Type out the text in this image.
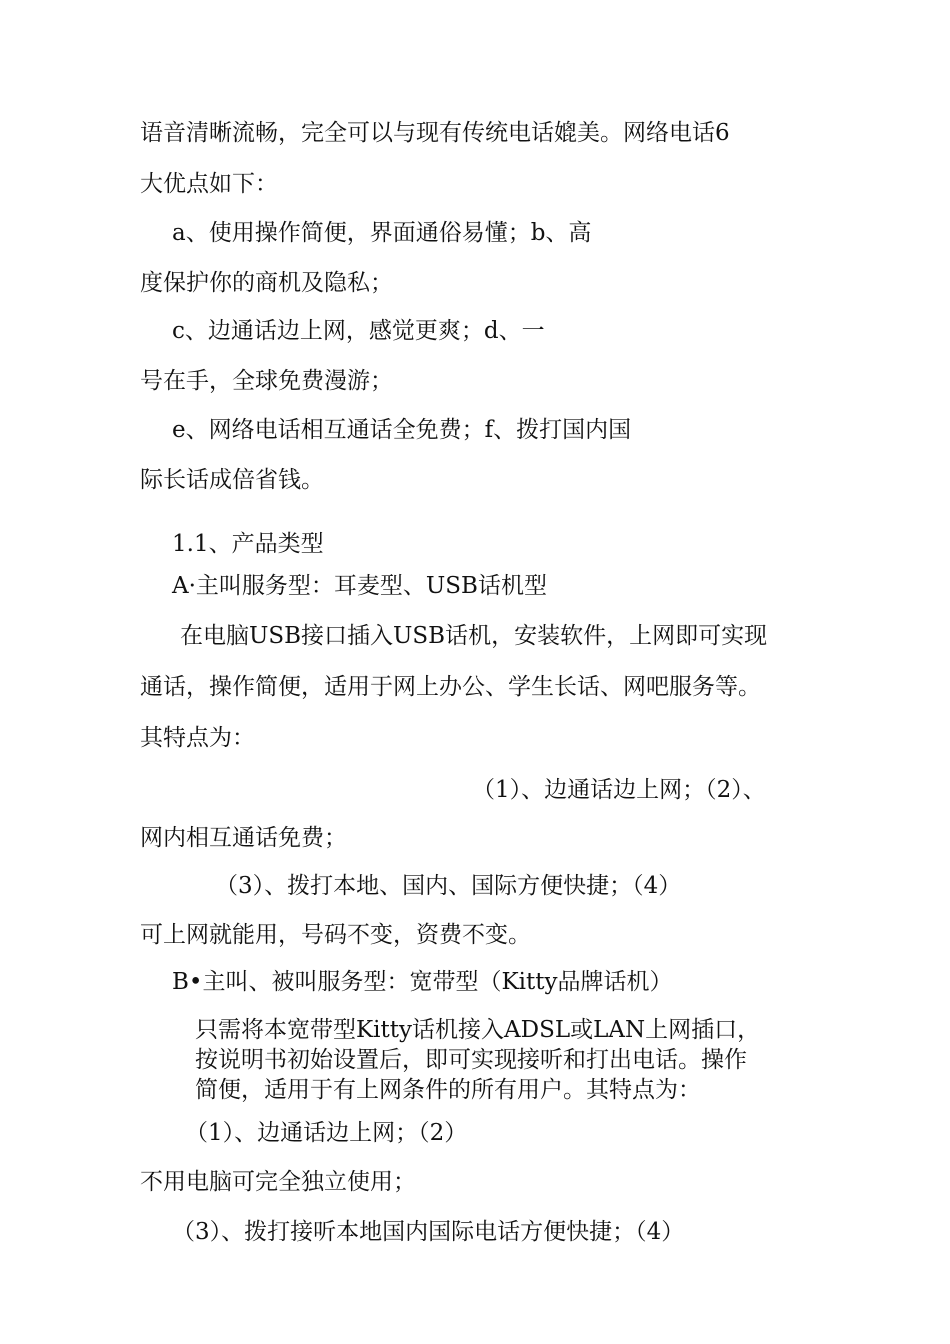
语音清晰流畅，完全可以与现有传统电话媲美。网络电话6

大优点如下：

a、使用操作简便，界面通俗易懂；b、高

度保护你的商机及隐私；

c、边通话边上网，感觉更爽；d、一

号在手，全球免费漫游；

e、网络电话相互通话全免费；f、拨打国内国

际长话成倍省钱。

1.1、产品类型

A·主叫服务型：耳麦型、USB话机型

在电脑USB接口插入USB话机，安装软件，上网即可实现

通话，操作简便，适用于网上办公、学生长话、网吧服务等。

其特点为：

（1）、边通话边上网；（2）、

网内相互通话免费；

（3）、拨打本地、国内、国际方便快捷；（4）

可上网就能用，号码不变，资费不变。

B•主叫、被叫服务型：宽带型（Kitty品牌话机）

只需将本宽带型Kitty话机接入ADSL或LAN上网插口，

按说明书初始设置后，即可实现接听和打出电话。操作

简便，适用于有上网条件的所有用户。其特点为：

（1）、边通话边上网；（2）

不用电脑可完全独立使用；

（3）、拨打接听本地国内国际电话方便快捷；（4）
